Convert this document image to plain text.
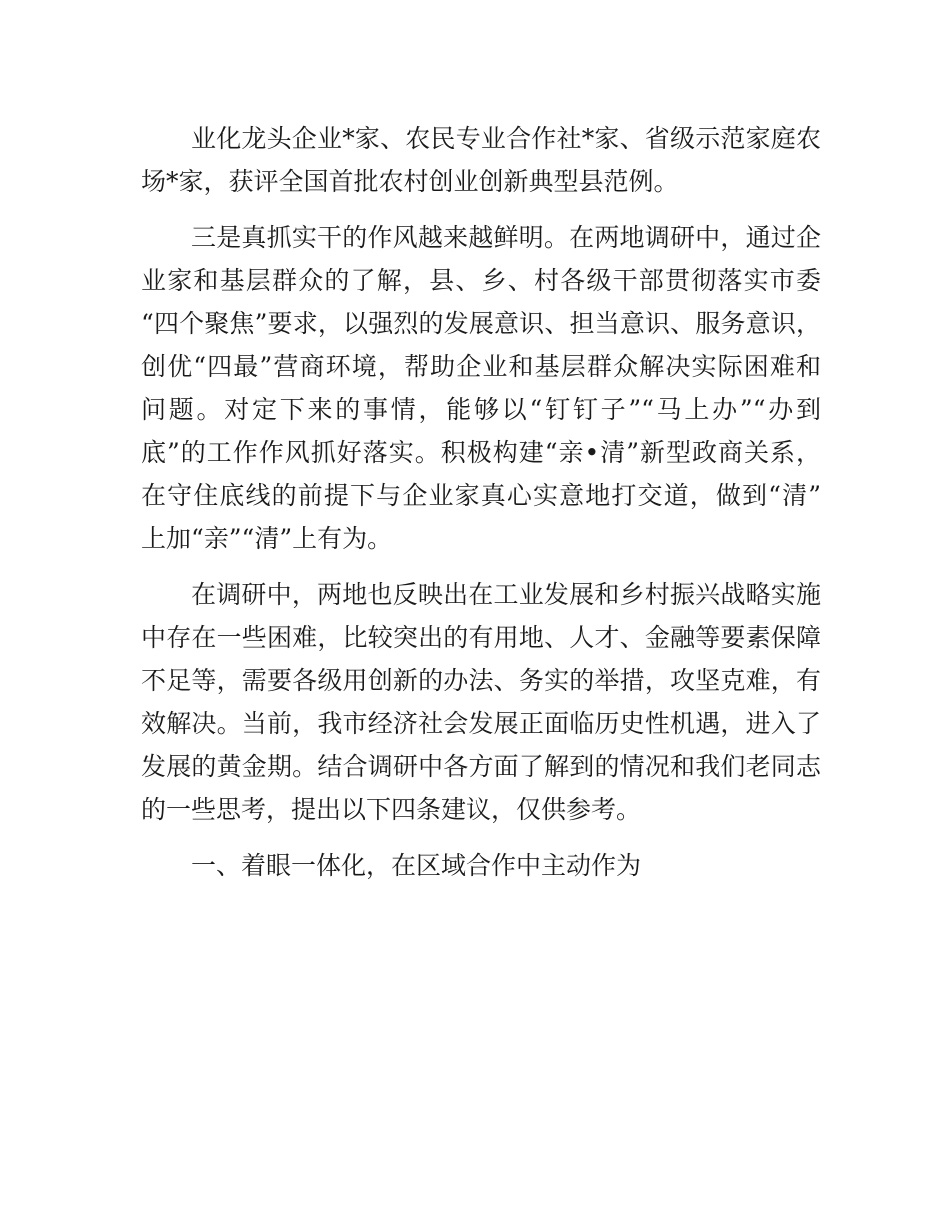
业化龙头企业*家、农民专业合作社*家、省级示范家庭农
场*家，获评全国首批农村创业创新典型县范例。
三是真抓实干的作风越来越鲜明。在两地调研中，通过企
业家和基层群众的了解，县、乡、村各级干部贯彻落实市委
“四个聚焦”要求，以强烈的发展意识、担当意识、服务意识，
创优“四最”营商环境，帮助企业和基层群众解决实际困难和
问题。对定下来的事情，能够以“钉钉子”“马上办”“办到
底”的工作作风抓好落实。积极构建“亲•清”新型政商关系，
在守住底线的前提下与企业家真心实意地打交道，做到“清”
上加“亲”“清”上有为。
在调研中，两地也反映出在工业发展和乡村振兴战略实施
中存在一些困难，比较突出的有用地、人才、金融等要素保障
不足等，需要各级用创新的办法、务实的举措，攻坚克难，有
效解决。当前，我市经济社会发展正面临历史性机遇，进入了
发展的黄金期。结合调研中各方面了解到的情况和我们老同志
的一些思考，提出以下四条建议，仅供参考。
一、着眼一体化，在区域合作中主动作为
